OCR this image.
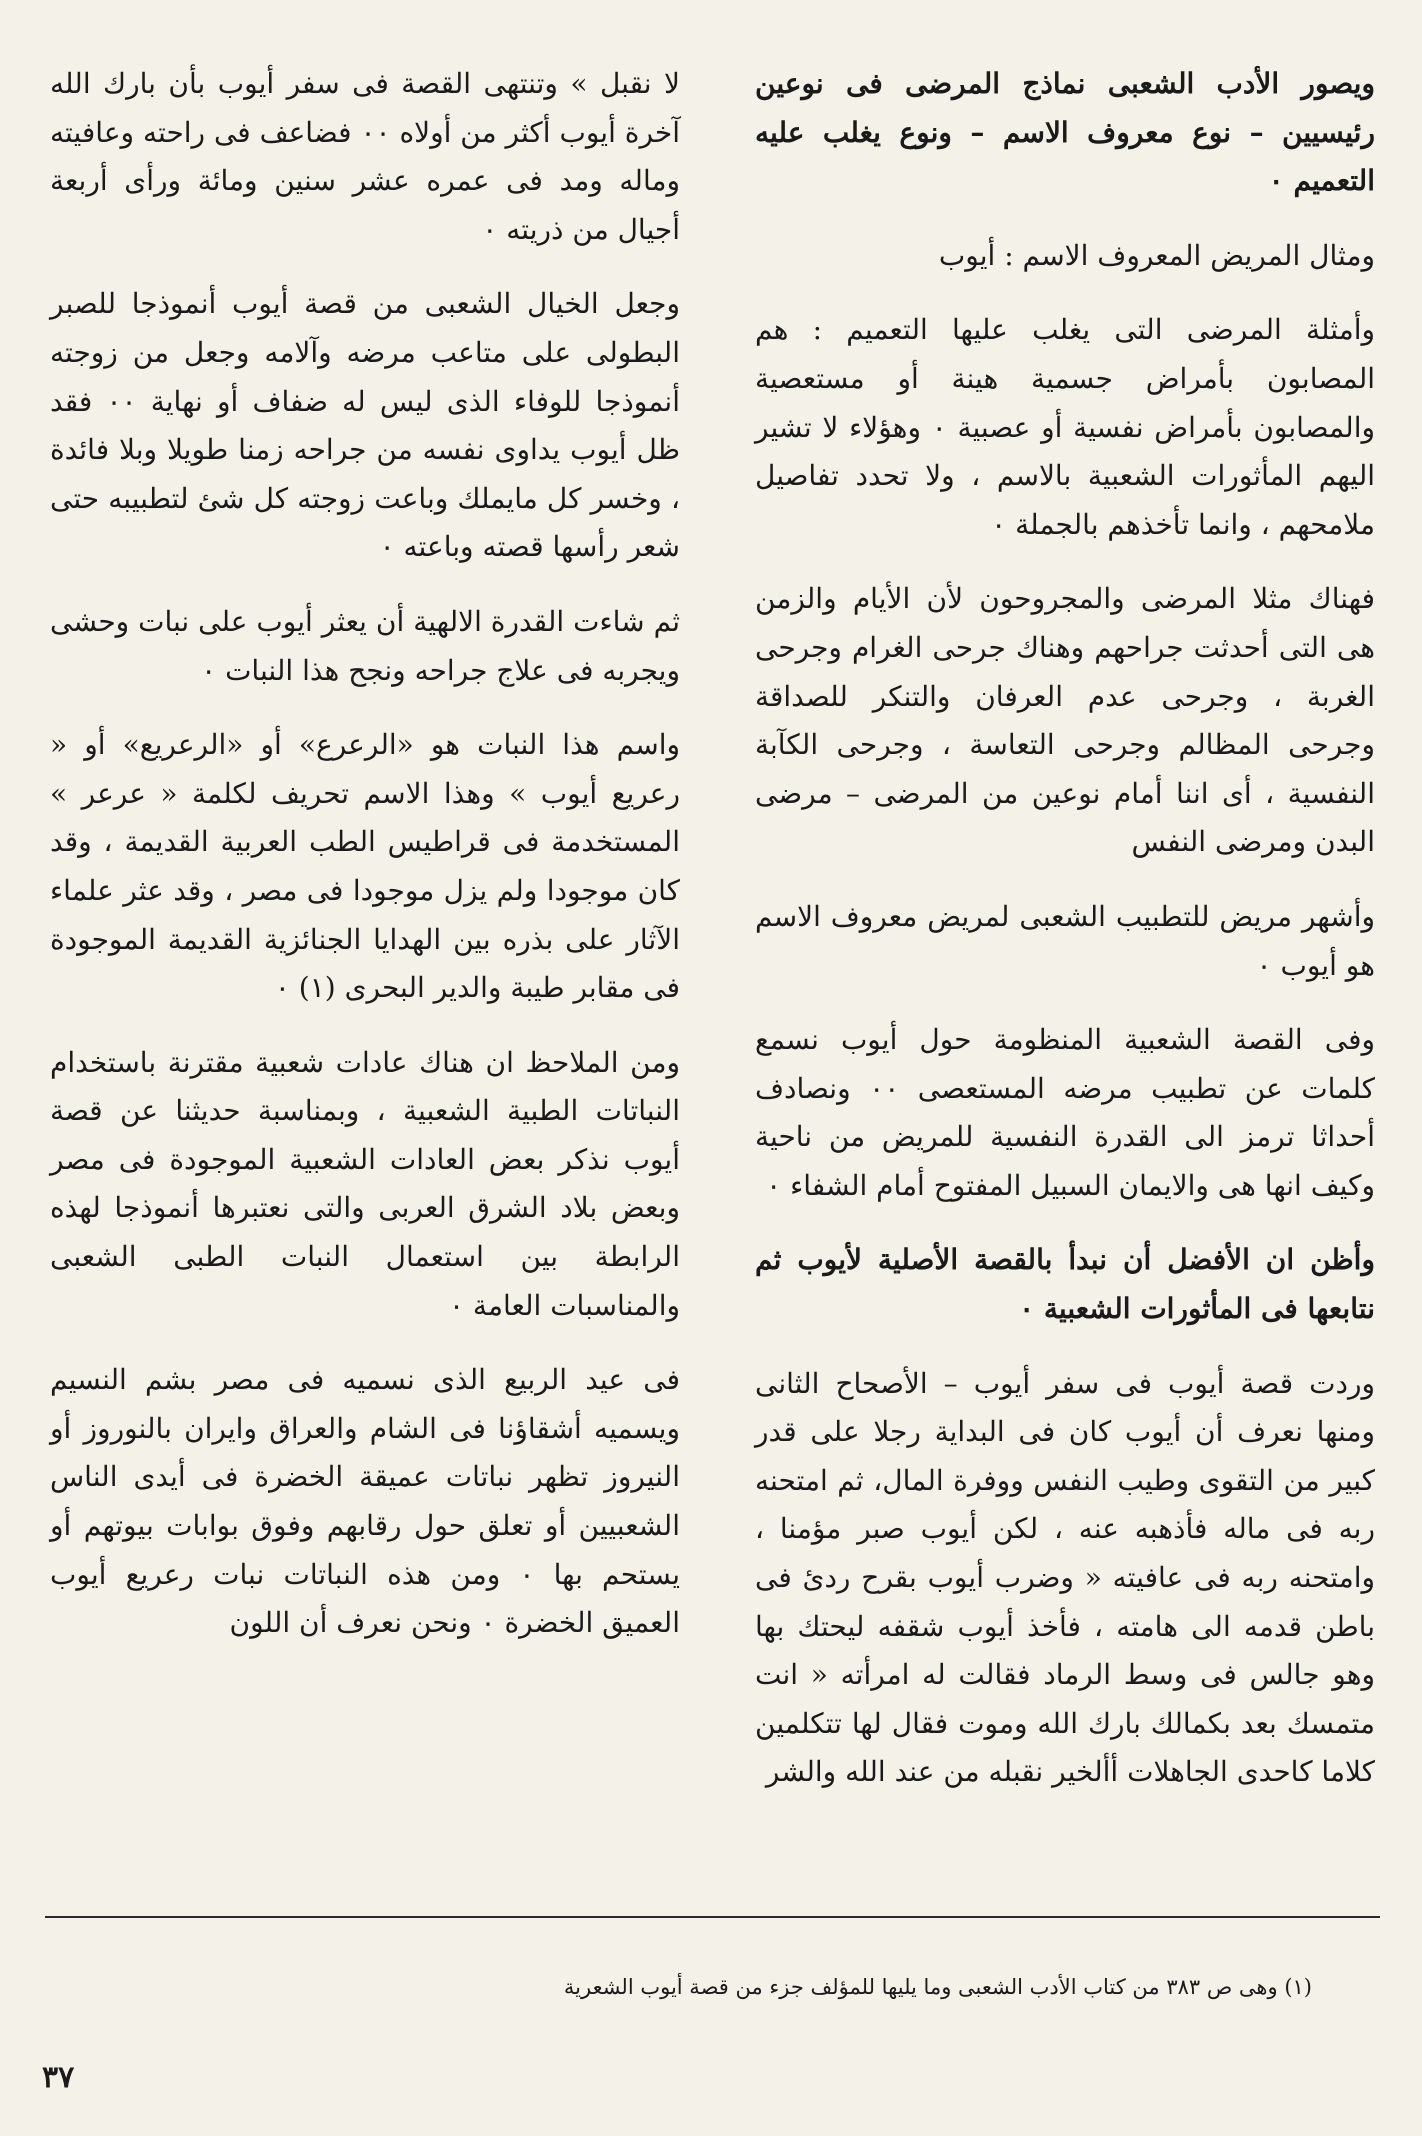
ويصور الأدب الشعبى نماذج المرضى فى نوعين رئيسيين – نوع معروف الاسم – ونوع يغلب عليه التعميم ٠

ومثال المريض المعروف الاسم : أيوب

وأمثلة المرضى التى يغلب عليها التعميم : هم المصابون بأمراض جسمية هينة أو مستعصية والمصابون بأمراض نفسية أو عصبية ٠ وهؤلاء لا تشير اليهم المأثورات الشعبية بالاسم ، ولا تحدد تفاصيل ملامحهم ، وانما تأخذهم بالجملة ٠

فهناك مثلا المرضى والمجروحون لأن الأيام والزمن هى التى أحدثت جراحهم وهناك جرحى الغرام وجرحى الغربة ، وجرحى عدم العرفان والتنكر للصداقة وجرحى المظالم وجرحى التعاسة ، وجرحى الكآبة النفسية ، أى اننا أمام نوعين من المرضى – مرضى البدن ومرضى النفس

وأشهر مريض للتطبيب الشعبى لمريض معروف الاسم هو أيوب ٠

وفى القصة الشعبية المنظومة حول أيوب نسمع كلمات عن تطبيب مرضه المستعصى ٠٠ ونصادف أحداثا ترمز الى القدرة النفسية للمريض من ناحية وكيف انها هى والايمان السبيل المفتوح أمام الشفاء ٠

وأظن ان الأفضل أن نبدأ بالقصة الأصلية لأيوب ثم نتابعها فى المأثورات الشعبية ٠

وردت قصة أيوب فى سفر أيوب – الأصحاح الثانى ومنها نعرف أن أيوب كان فى البداية رجلا على قدر كبير من التقوى وطيب النفس ووفرة المال، ثم امتحنه ربه فى ماله فأذهبه عنه ، لكن أيوب صبر مؤمنا ، وامتحنه ربه فى عافيته « وضرب أيوب بقرح ردئ فى باطن قدمه الى هامته ، فأخذ أيوب شقفه ليحتك بها وهو جالس فى وسط الرماد فقالت له امرأته « انت متمسك بعد بكمالك بارك الله وموت فقال لها تتكلمين كلاما كاحدى الجاهلات أألخير نقبله من عند الله والشر

لا نقبل » وتنتهى القصة فى سفر أيوب بأن بارك الله آخرة أيوب أكثر من أولاه ٠٠ فضاعف فى راحته وعافيته وماله ومد فى عمره عشر سنين ومائة ورأى أربعة أجيال من ذريته ٠

وجعل الخيال الشعبى من قصة أيوب أنموذجا للصبر البطولى على متاعب مرضه وآلامه وجعل من زوجته أنموذجا للوفاء الذى ليس له ضفاف أو نهاية ٠٠ فقد ظل أيوب يداوى نفسه من جراحه زمنا طويلا وبلا فائدة ، وخسر كل مايملك وباعت زوجته كل شئ لتطبيبه حتى شعر رأسها قصته وباعته ٠

ثم شاءت القدرة الالهية أن يعثر أيوب على نبات وحشى ويجربه فى علاج جراحه ونجح هذا النبات ٠

واسم هذا النبات هو «الرعرع» أو «الرعريع» أو « رعريع أيوب » وهذا الاسم تحريف لكلمة « عرعر » المستخدمة فى قراطيس الطب العربية القديمة ، وقد كان موجودا ولم يزل موجودا فى مصر ، وقد عثر علماء الآثار على بذره بين الهدايا الجنائزية القديمة الموجودة فى مقابر طيبة والدير البحرى (١) ٠

ومن الملاحظ ان هناك عادات شعبية مقترنة باستخدام النباتات الطبية الشعبية ، وبمناسبة حديثنا عن قصة أيوب نذكر بعض العادات الشعبية الموجودة فى مصر وبعض بلاد الشرق العربى والتى نعتبرها أنموذجا لهذه الرابطة بين استعمال النبات الطبى الشعبى والمناسبات العامة ٠

فى عيد الربيع الذى نسميه فى مصر بشم النسيم ويسميه أشقاؤنا فى الشام والعراق وايران بالنوروز أو النيروز تظهر نباتات عميقة الخضرة فى أيدى الناس الشعبيين أو تعلق حول رقابهم وفوق بوابات بيوتهم أو يستحم بها ٠ ومن هذه النباتات نبات رعريع أيوب العميق الخضرة ٠ ونحن نعرف أن اللون

(١) وهى ص ٣٨٣ من كتاب الأدب الشعبى وما يليها للمؤلف جزء من قصة أيوب الشعرية
٣٧
